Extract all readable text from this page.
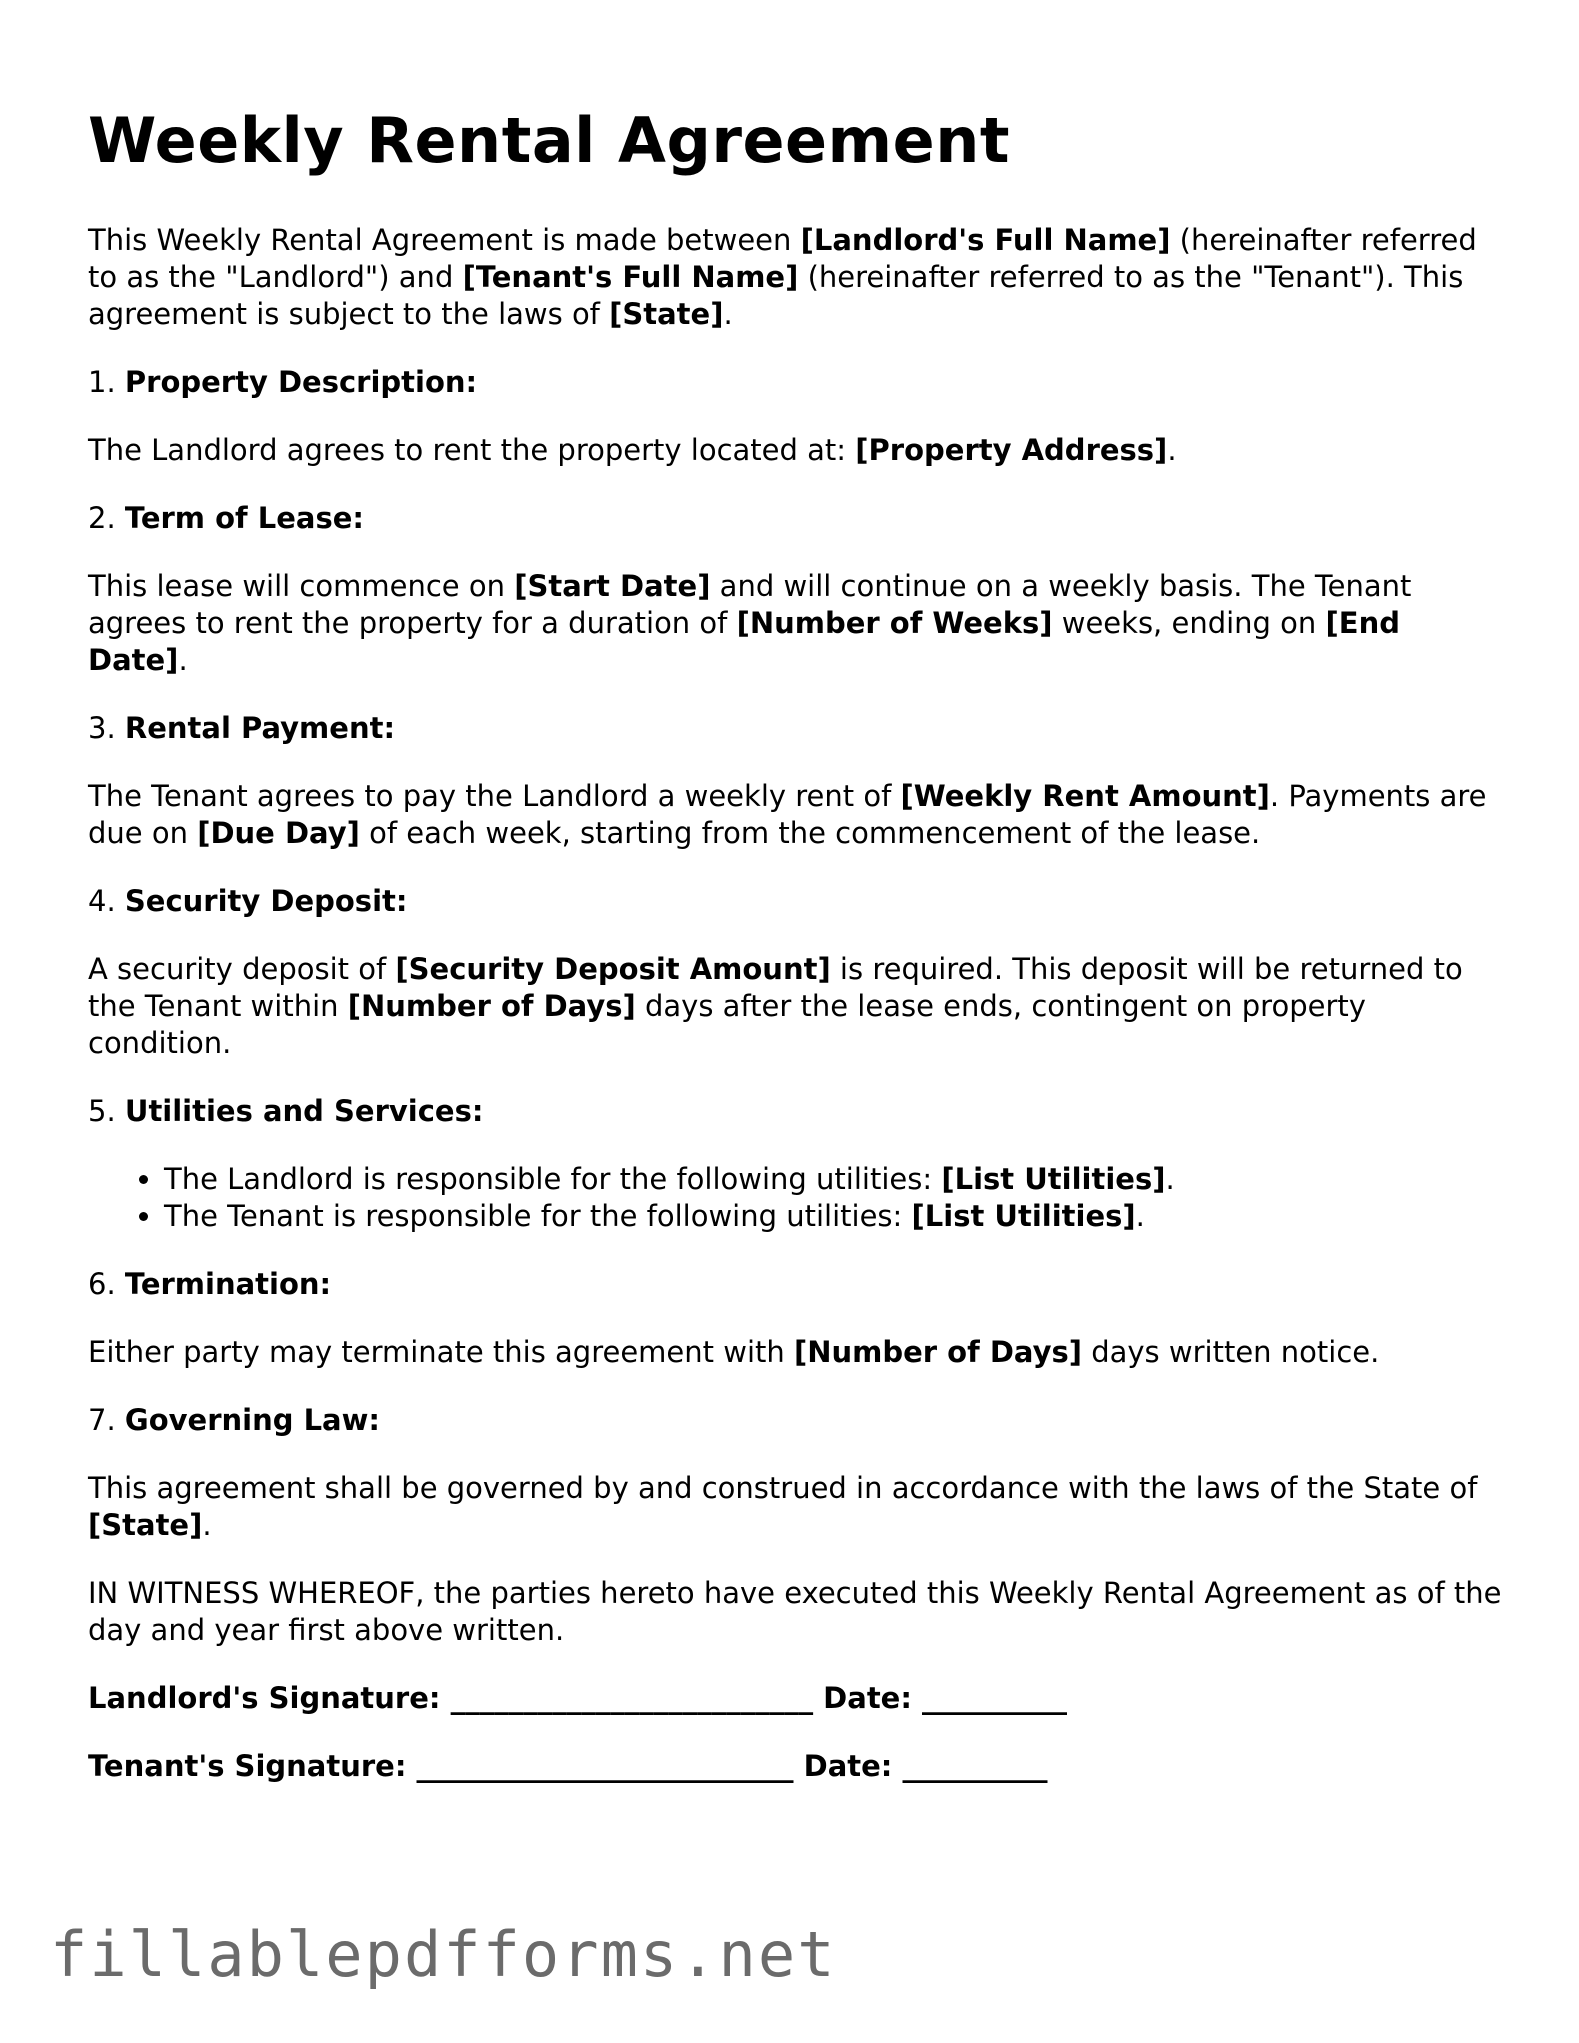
Weekly Rental Agreement

This Weekly Rental Agreement is made between [Landlord's Full Name] (hereinafter referred to as the "Landlord") and [Tenant's Full Name] (hereinafter referred to as the "Tenant"). This agreement is subject to the laws of [State].

1. Property Description:

The Landlord agrees to rent the property located at: [Property Address].

2. Term of Lease:

This lease will commence on [Start Date] and will continue on a weekly basis. The Tenant agrees to rent the property for a duration of [Number of Weeks] weeks, ending on [End Date].

3. Rental Payment:

The Tenant agrees to pay the Landlord a weekly rent of [Weekly Rent Amount]. Payments are due on [Due Day] of each week, starting from the commencement of the lease.

4. Security Deposit:

A security deposit of [Security Deposit Amount] is required. This deposit will be returned to the Tenant within [Number of Days] days after the lease ends, contingent on property condition.

5. Utilities and Services:

• The Landlord is responsible for the following utilities: [List Utilities].
• The Tenant is responsible for the following utilities: [List Utilities].

6. Termination:

Either party may terminate this agreement with [Number of Days] days written notice.

7. Governing Law:

This agreement shall be governed by and construed in accordance with the laws of the State of [State].

IN WITNESS WHEREOF, the parties hereto have executed this Weekly Rental Agreement as of the day and year first above written.

Landlord's Signature: _________________________ Date: __________
Tenant's Signature: __________________________ Date: __________
fillablepdfforms.net
